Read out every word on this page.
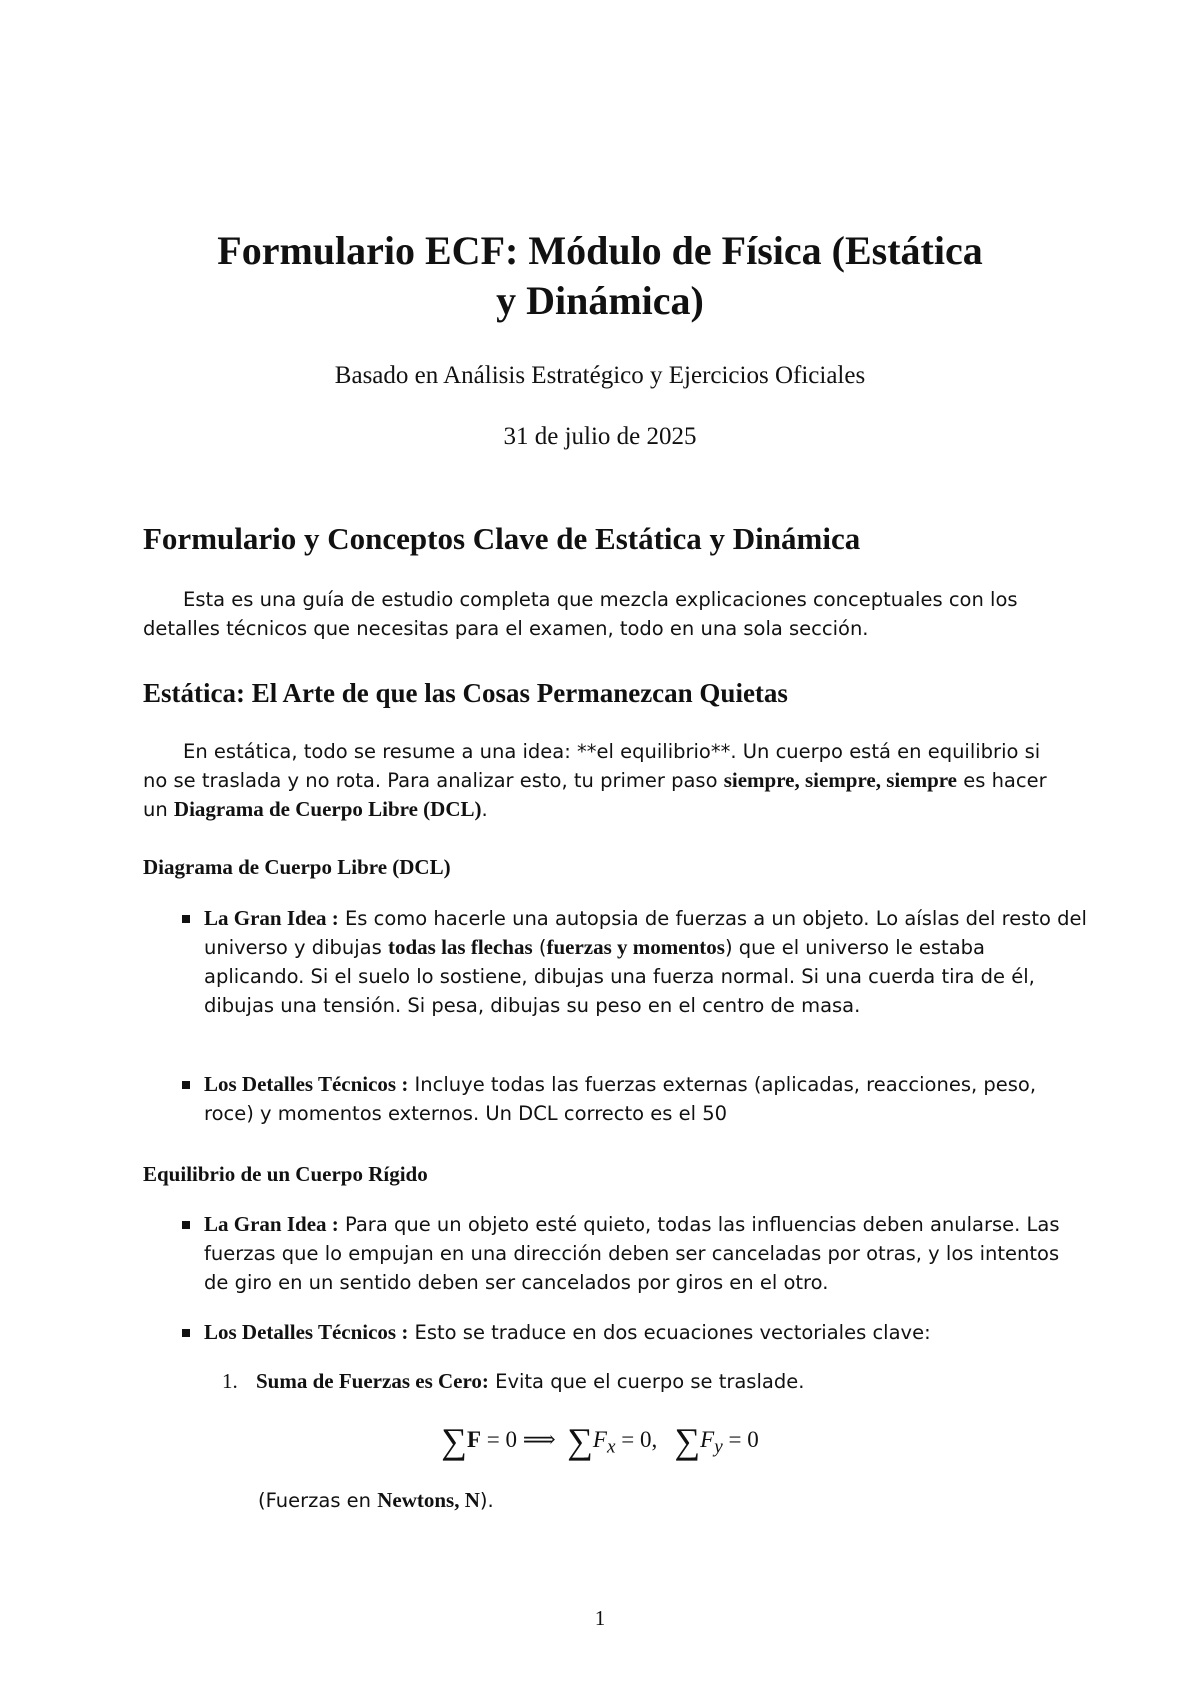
Formulario ECF: Módulo de Física (Estática
y Dinámica)
Basado en Análisis Estratégico y Ejercicios Oficiales
31 de julio de 2025
Formulario y Conceptos Clave de Estática y Dinámica
Esta es una guía de estudio completa que mezcla explicaciones conceptuales con los detalles técnicos que necesitas para el examen, todo en una sola sección.
Estática: El Arte de que las Cosas Permanezcan Quietas
En estática, todo se resume a una idea: **el equilibrio**. Un cuerpo está en equilibrio si no se traslada y no rota. Para analizar esto, tu primer paso siempre, siempre, siempre es hacer un Diagrama de Cuerpo Libre (DCL).
Diagrama de Cuerpo Libre (DCL)
La Gran Idea : Es como hacerle una autopsia de fuerzas a un objeto. Lo aíslas del resto del universo y dibujas todas las flechas (fuerzas y momentos) que el universo le estaba aplicando. Si el suelo lo sostiene, dibujas una fuerza normal. Si una cuerda tira de él, dibujas una tensión. Si pesa, dibujas su peso en el centro de masa.
Los Detalles Técnicos : Incluye todas las fuerzas externas (aplicadas, reacciones, peso, roce) y momentos externos. Un DCL correcto es el 50
Equilibrio de un Cuerpo Rígido
La Gran Idea : Para que un objeto esté quieto, todas las influencias deben anularse. Las fuerzas que lo empujan en una dirección deben ser canceladas por otras, y los intentos de giro en un sentido deben ser cancelados por giros en el otro.
Los Detalles Técnicos : Esto se traduce en dos ecuaciones vectoriales clave:
1. Suma de Fuerzas es Cero: Evita que el cuerpo se traslade.
∑F = 0 ⟹ $\sum F_x = 0$, $\sum F_y = 0$
(Fuerzas en Newtons, N).
1
